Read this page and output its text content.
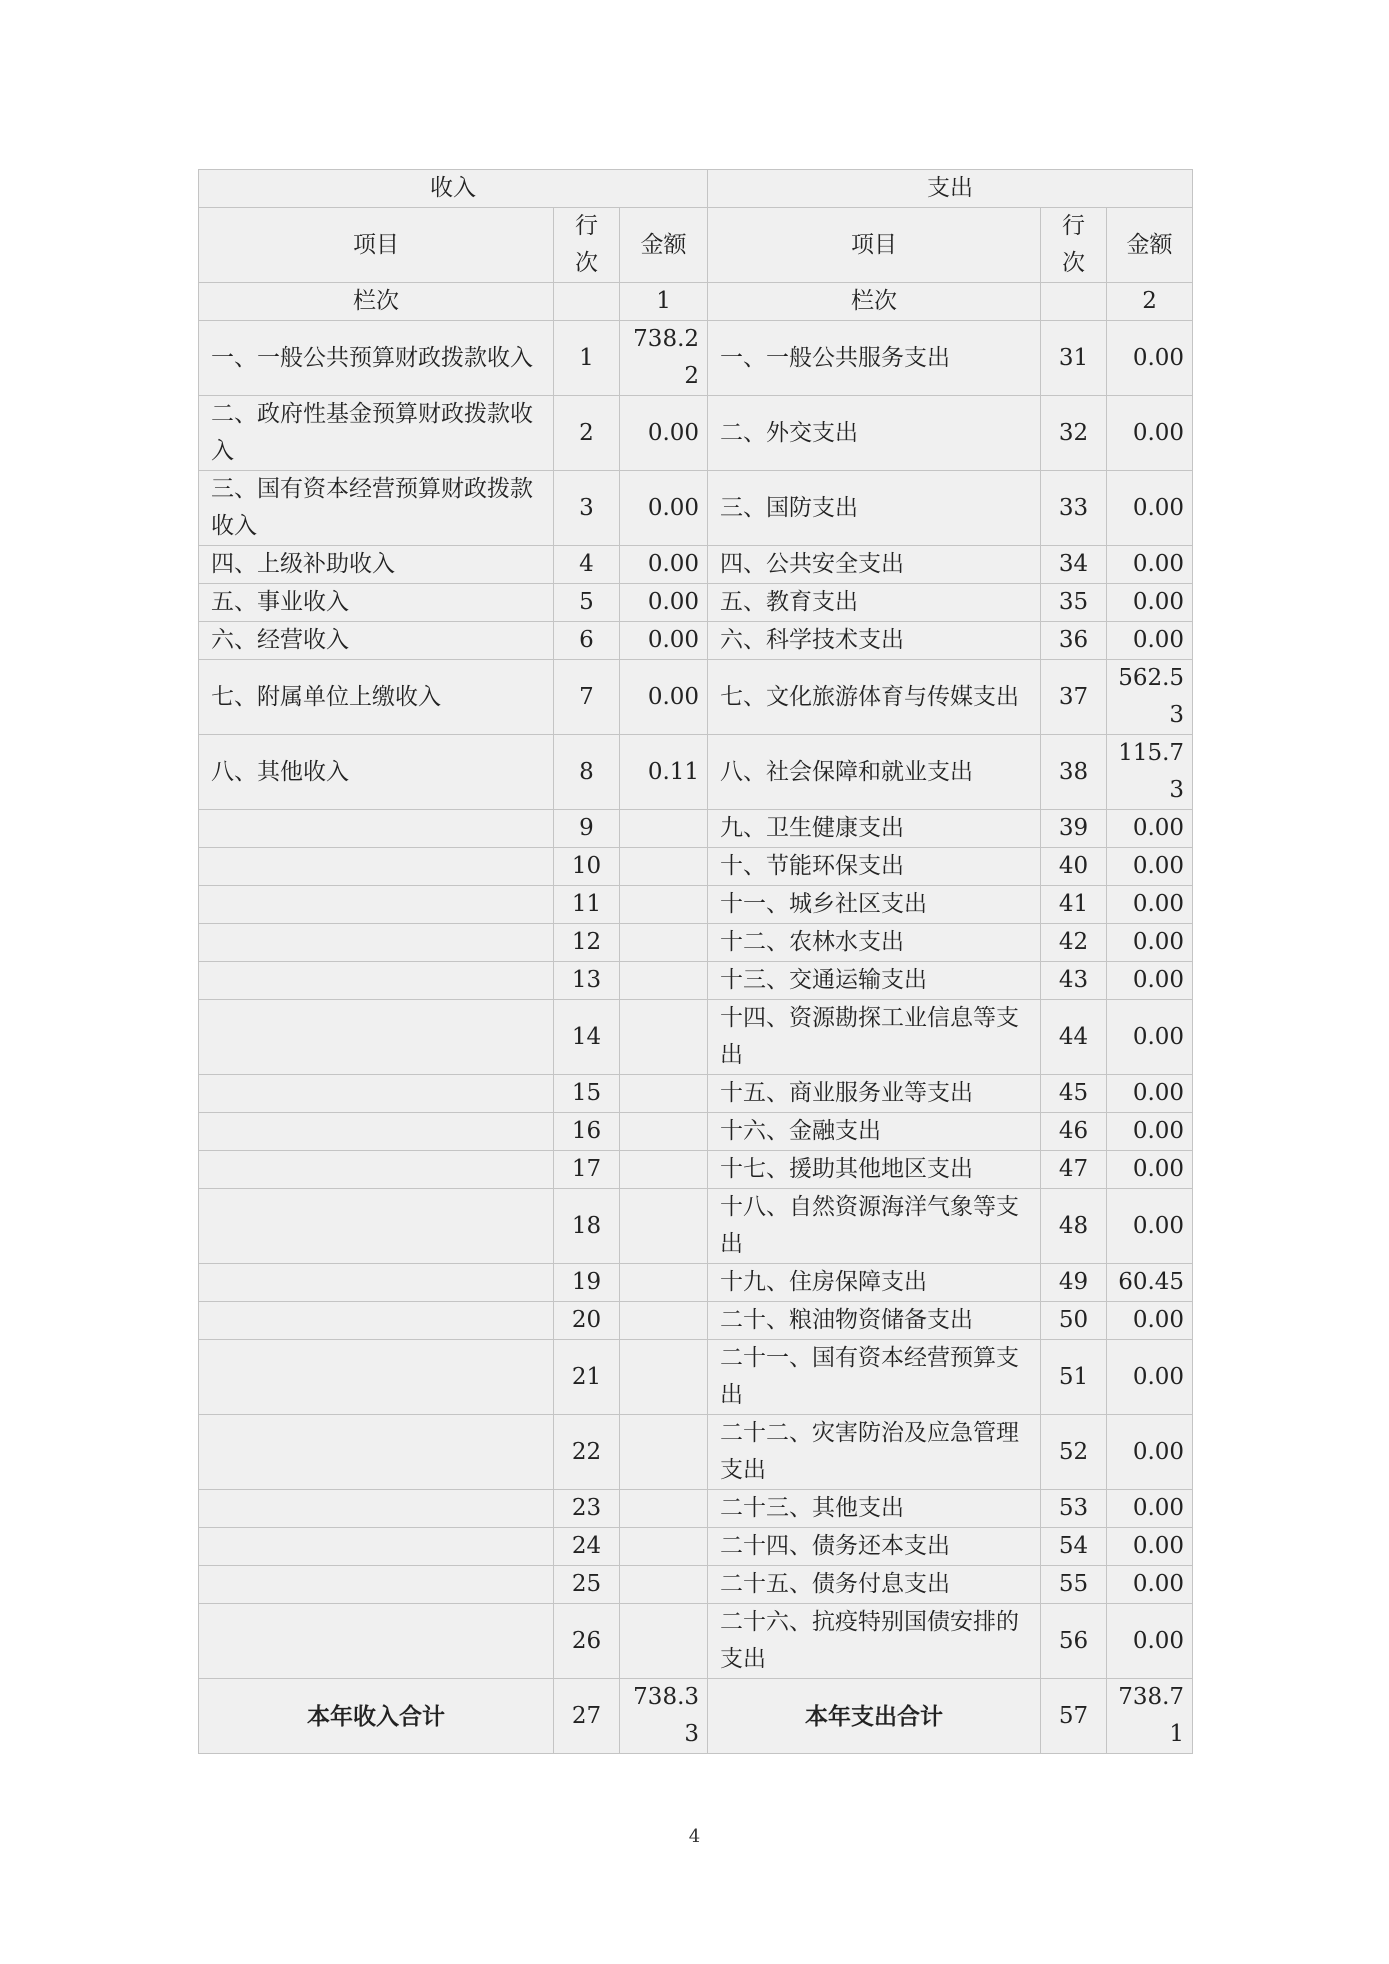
收入			支出		
项目	行次	金额	项目	行次	金额
栏次		1	栏次		2
一、一般公共预算财政拨款收入	1	738.22	一、一般公共服务支出	31	0.00
二、政府性基金预算财政拨款收入	2	0.00	二、外交支出	32	0.00
三、国有资本经营预算财政拨款收入	3	0.00	三、国防支出	33	0.00
四、上级补助收入	4	0.00	四、公共安全支出	34	0.00
五、事业收入	5	0.00	五、教育支出	35	0.00
六、经营收入	6	0.00	六、科学技术支出	36	0.00
七、附属单位上缴收入	7	0.00	七、文化旅游体育与传媒支出	37	562.53
八、其他收入	8	0.11	八、社会保障和就业支出	38	115.73
	9		九、卫生健康支出	39	0.00
	10		十、节能环保支出	40	0.00
	11		十一、城乡社区支出	41	0.00
	12		十二、农林水支出	42	0.00
	13		十三、交通运输支出	43	0.00
	14		十四、资源勘探工业信息等支出	44	0.00
	15		十五、商业服务业等支出	45	0.00
	16		十六、金融支出	46	0.00
	17		十七、援助其他地区支出	47	0.00
	18		十八、自然资源海洋气象等支出	48	0.00
	19		十九、住房保障支出	49	60.45
	20		二十、粮油物资储备支出	50	0.00
	21		二十一、国有资本经营预算支出	51	0.00
	22		二十二、灾害防治及应急管理支出	52	0.00
	23		二十三、其他支出	53	0.00
	24		二十四、债务还本支出	54	0.00
	25		二十五、债务付息支出	55	0.00
	26		二十六、抗疫特别国债安排的支出	56	0.00
本年收入合计	27	738.33	本年支出合计	57	738.71
4
